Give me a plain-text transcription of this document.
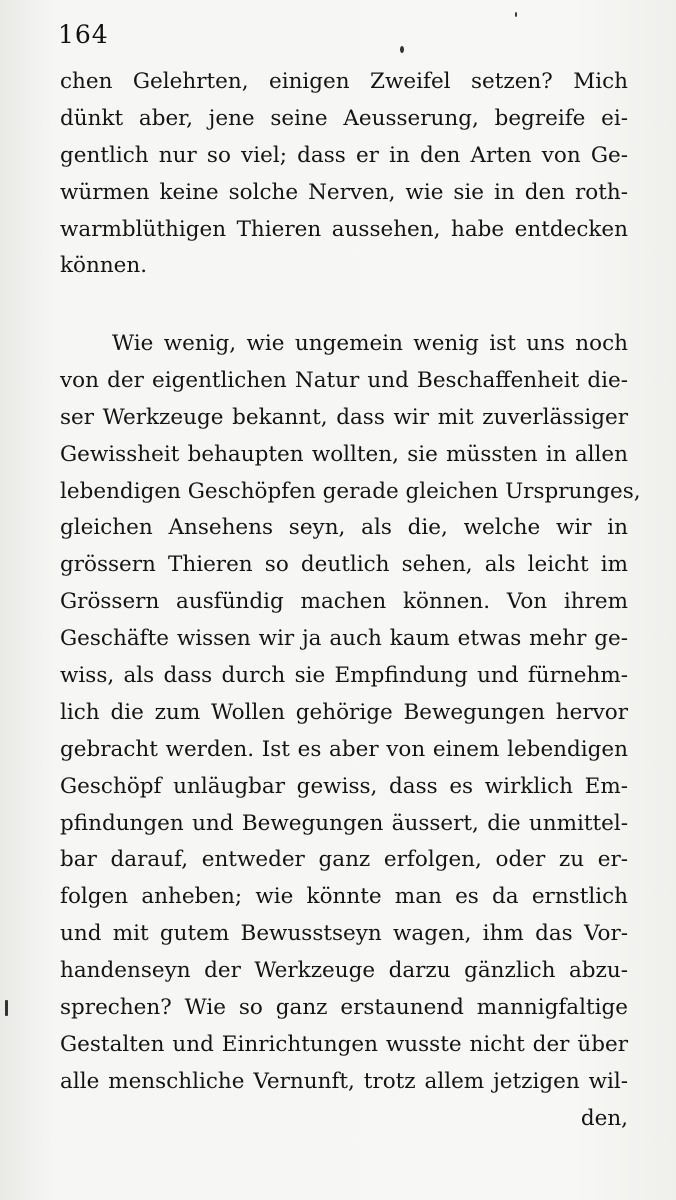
164
chen Gelehrten, einigen Zweifel setzen? Mich
dünkt aber, jene seine Aeusserung, begreife ei-
gentlich nur so viel; dass er in den Arten von Ge-
würmen keine solche Nerven, wie sie in den roth-
warmblüthigen Thieren aussehen, habe entdecken
können.
Wie wenig, wie ungemein wenig ist uns noch
von der eigentlichen Natur und Beschaffenheit die-
ser Werkzeuge bekannt, dass wir mit zuverlässiger
Gewissheit behaupten wollten, sie müssten in allen
lebendigen Geschöpfen gerade gleichen Ursprunges,
gleichen Ansehens seyn, als die, welche wir in
grössern Thieren so deutlich sehen, als leicht im
Grössern ausfündig machen können. Von ihrem
Geschäfte wissen wir ja auch kaum etwas mehr ge-
wiss, als dass durch sie Empfindung und fürnehm-
lich die zum Wollen gehörige Bewegungen hervor
gebracht werden. Ist es aber von einem lebendigen
Geschöpf unläugbar gewiss, dass es wirklich Em-
pfindungen und Bewegungen äussert, die unmittel-
bar darauf, entweder ganz erfolgen, oder zu er-
folgen anheben; wie könnte man es da ernstlich
und mit gutem Bewusstseyn wagen, ihm das Vor-
handenseyn der Werkzeuge darzu gänzlich abzu-
sprechen? Wie so ganz erstaunend mannigfaltige
Gestalten und Einrichtungen wusste nicht der über
alle menschliche Vernunft, trotz allem jetzigen wil-
den,
